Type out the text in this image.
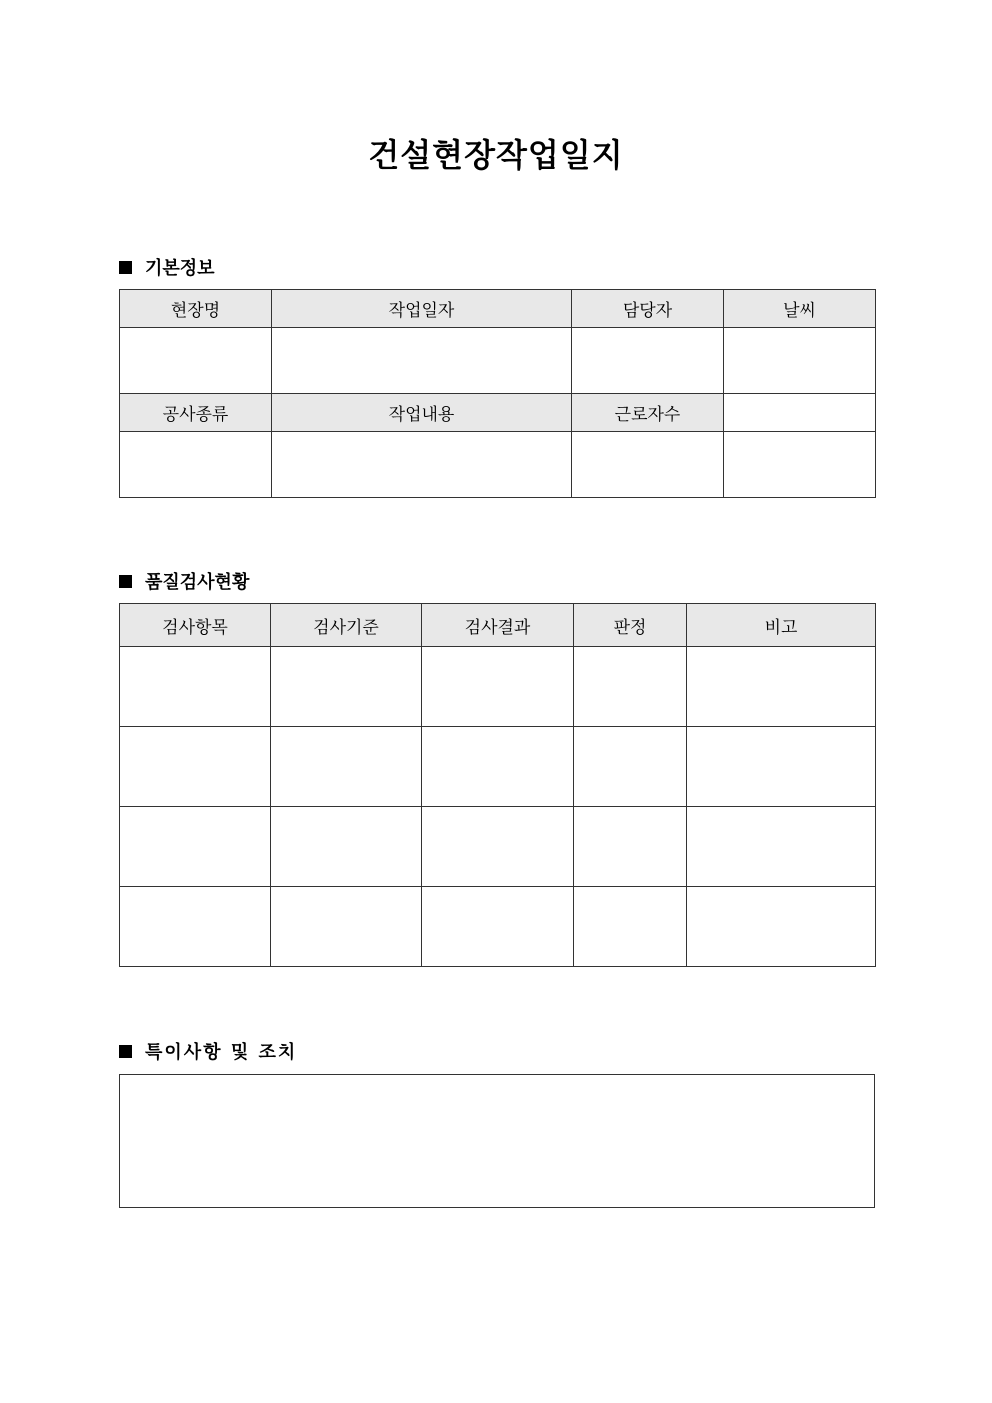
건설현장작업일지
기본정보
현장명	작업일자	담당자	날씨

공사종류	작업내용	근로자수	

품질검사현황
검사항목	검사기준	검사결과	판정	비고

특이사항 및 조치
